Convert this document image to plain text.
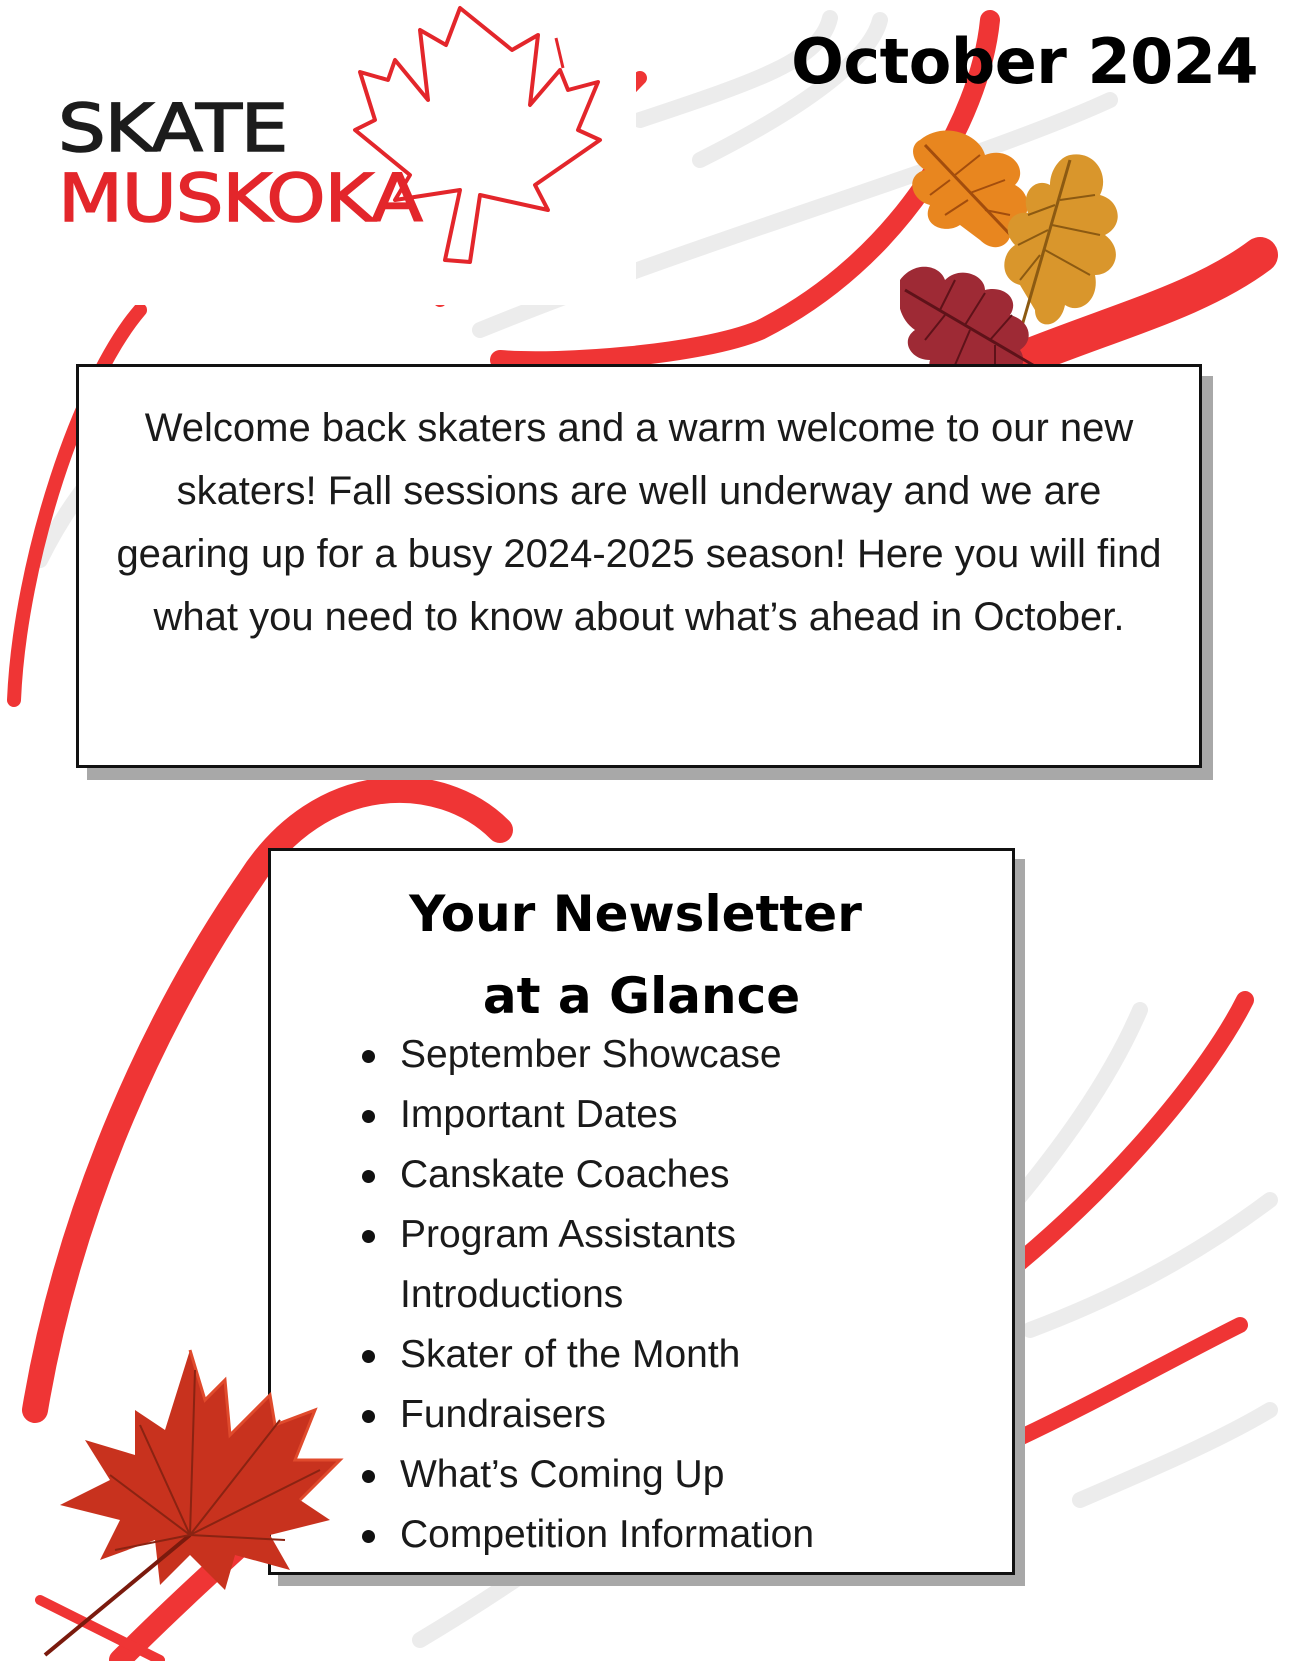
SKATE
MUSKOKA
October 2024

Welcome back skaters and a warm welcome to our new skaters! Fall sessions are well underway and we are gearing up for a busy 2024-2025 season! Here you will find what you need to know about what’s ahead in October.

Your Newsletter
at a Glance
September Showcase
Important Dates
Canskate Coaches
Program Assistants
Introductions
Skater of the Month
Fundraisers
What’s Coming Up
Competition Information
